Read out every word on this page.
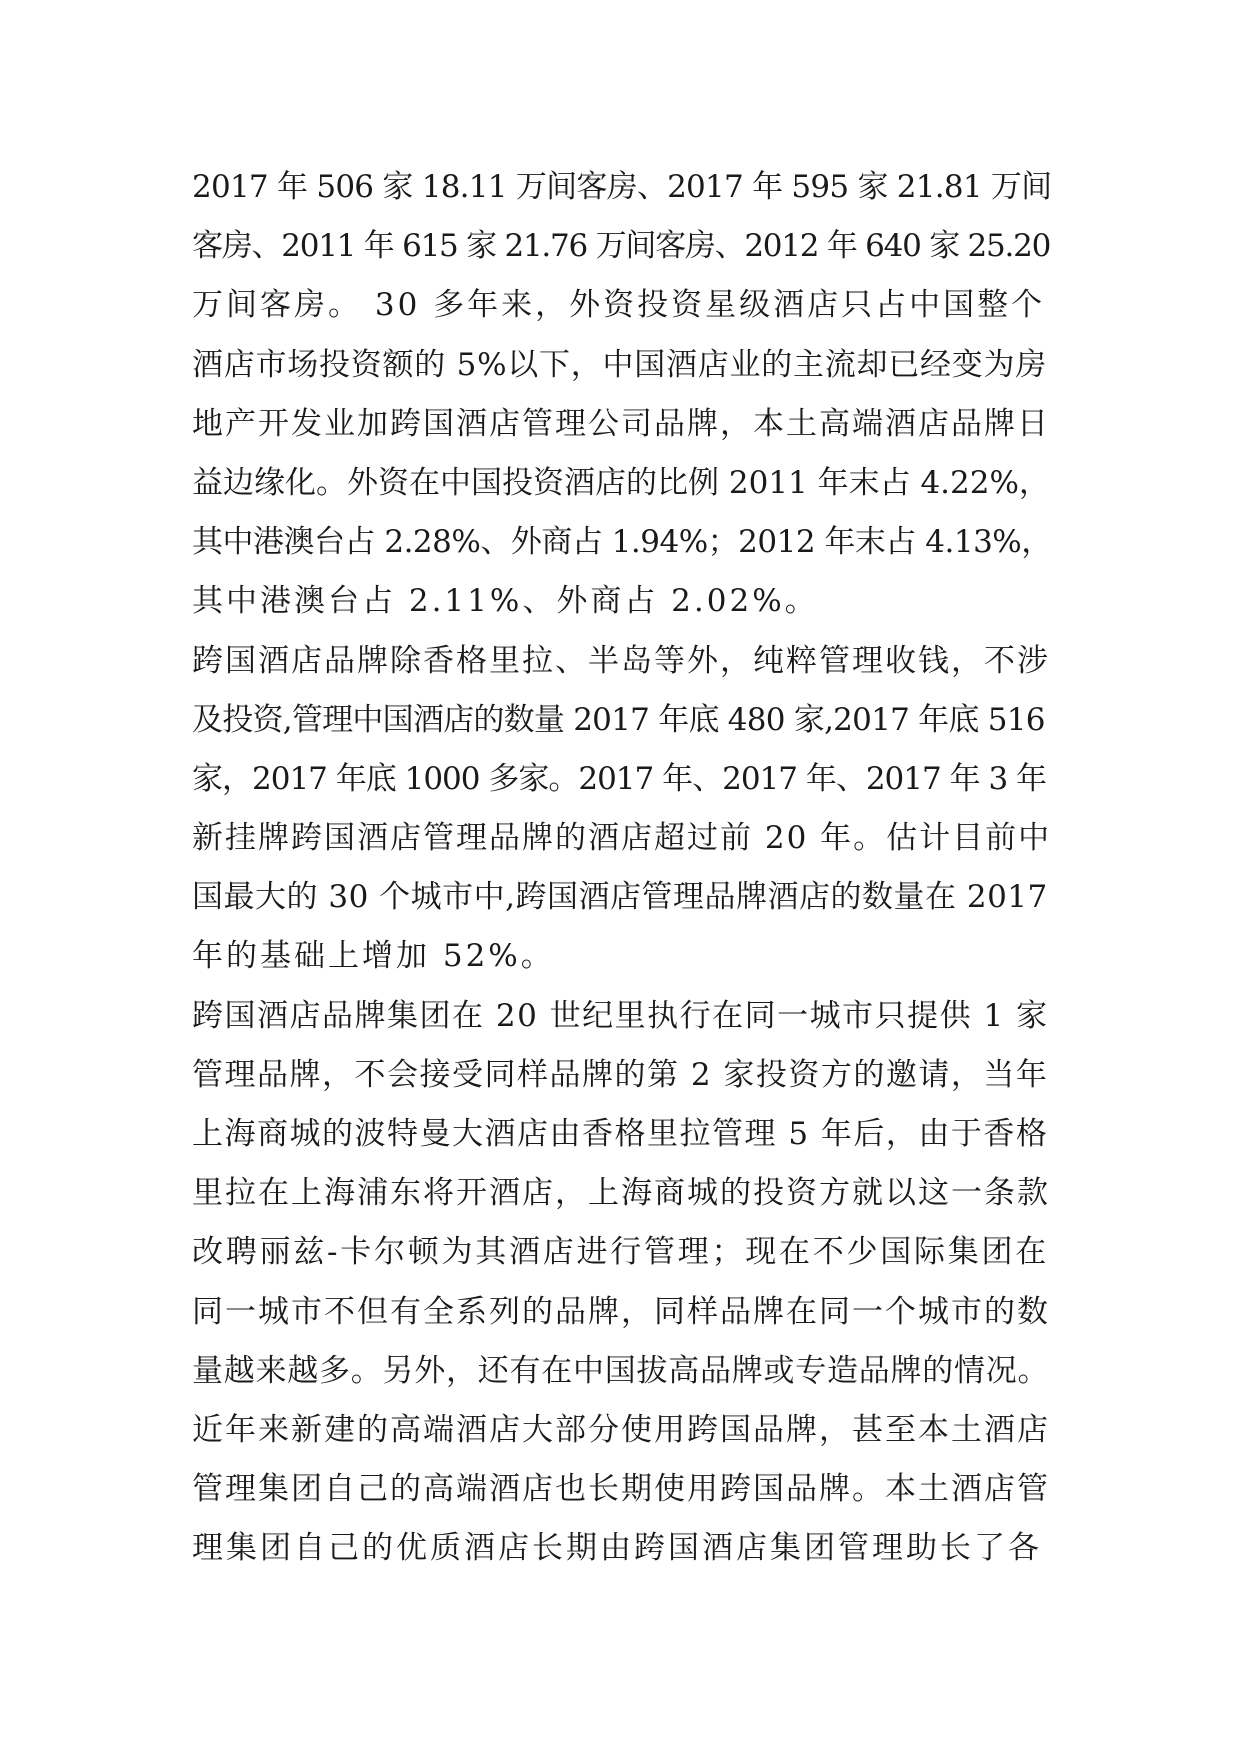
2017 年 506 家 18.11 万间客房、2017 年 595 家 21.81 万间
客房、2011 年 615 家 21.76 万间客房、2012 年 640 家 25.20
万间客房。 30 多年来，外资投资星级酒店只占中国整个
酒店市场投资额的 5%以下，中国酒店业的主流却已经变为房
地产开发业加跨国酒店管理公司品牌，本土高端酒店品牌日
益边缘化。外资在中国投资酒店的比例 2011 年末占 4.22%，
其中港澳台占 2.28%、外商占 1.94%；2012 年末占 4.13%，
其中港澳台占 2.11%、外商占 2.02%。
跨国酒店品牌除香格里拉、半岛等外，纯粹管理收钱，不涉
及投资,管理中国酒店的数量 2017 年底 480 家,2017 年底 516
家，2017 年底 1000 多家。2017 年、2017 年、2017 年 3 年
新挂牌跨国酒店管理品牌的酒店超过前 20 年。估计目前中
国最大的 30 个城市中,跨国酒店管理品牌酒店的数量在 2017
年的基础上增加 52%。
跨国酒店品牌集团在 20 世纪里执行在同一城市只提供 1 家
管理品牌，不会接受同样品牌的第 2 家投资方的邀请，当年
上海商城的波特曼大酒店由香格里拉管理 5 年后，由于香格
里拉在上海浦东将开酒店，上海商城的投资方就以这一条款
改聘丽兹-卡尔顿为其酒店进行管理；现在不少国际集团在
同一城市不但有全系列的品牌，同样品牌在同一个城市的数
量越来越多。另外，还有在中国拔高品牌或专造品牌的情况。
近年来新建的高端酒店大部分使用跨国品牌，甚至本土酒店
管理集团自己的高端酒店也长期使用跨国品牌。本土酒店管
理集团自己的优质酒店长期由跨国酒店集团管理助长了各
